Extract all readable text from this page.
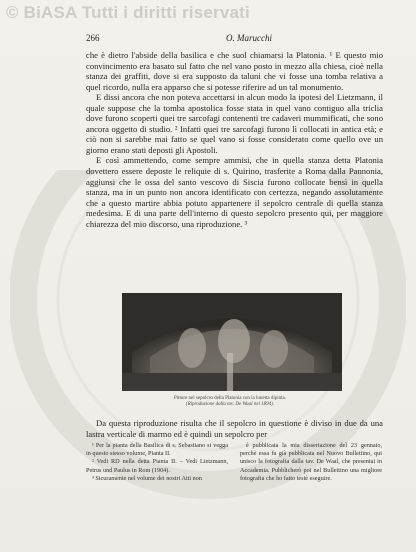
© BiASA Tutti i diritti riservati
266	O. Marucchi

che è dietro l'abside della basilica e che suol chiamarsi la Platonia. ¹ E questo mio convincimento era basato sul fatto che nel vano posto in mezzo alla chiesa, cioè nella stanza dei graffiti, dove si era supposto da taluni che vi fosse una tomba relativa a quel ricordo, nulla era apparso che si potesse riferire ad un tal monumento.

E dissi ancora che non poteva accettarsi in alcun modo la ipotesi del Lietzmann, il quale suppose che la tomba apostolica fosse stata in quel vano contiguo alla triclia dove furono scoperti quei tre sarcofagi contenenti tre cadaveri mummificati, che sono ancora oggetto di studio. ² Infatti quei tre sarcofagi furono lì collocati in antica età; e ciò non si sarebbe mai fatto se quel vano si fosse considerato come quello ove un giorno erano stati deposti gli Apostoli.

E così ammettendo, come sempre ammisi, che in quella stanza detta Platonia dovettero essere deposte le reliquie di s. Quirino, trasferite a Roma dalla Pannonia, aggiunsi che le ossa del santo vescovo di Siscia furono collocate bensì in quella stanza, ma in un punto non ancora identificato con certezza, negando assolutamente che a questo martire abbia potuto appartenere il sepolcro centrale di quella stanza medesima. E di una parte dell'interno di questo sepolcro presento qui, per maggiore chiarezza del mio discorso, una riproduzione. ³

Pitture nel sepolcro della Platonia con la lunetta dipinta.
(Riproduzione dalla tav. De Waal nel 1894).

Da questa riproduzione risulta che il sepolcro in questione è diviso in due da una lastra verticale di marmo ed è quindi un sepolcro per

¹ Per la pianta della Basilica di s. Sebastiano si vegga in questo stesso volume, Pianta II.

² Vedi RD nella detta Pianta II. – Vedi Lietzmann, Petrus und Paulus in Rom (1904).

³ Sicuramente nel volume dei nostri Atti non

è pubblicata la mia dissertazione del 23 gennaio, perchè essa fu già pubblicata nel Nuovo Bullettino, qui unisco la fotografia dalla tav. De Waal, che presentai in Accademia. Pubblicherò poi nel Bullettino una migliore fotografia che ho fatto testè eseguire.
